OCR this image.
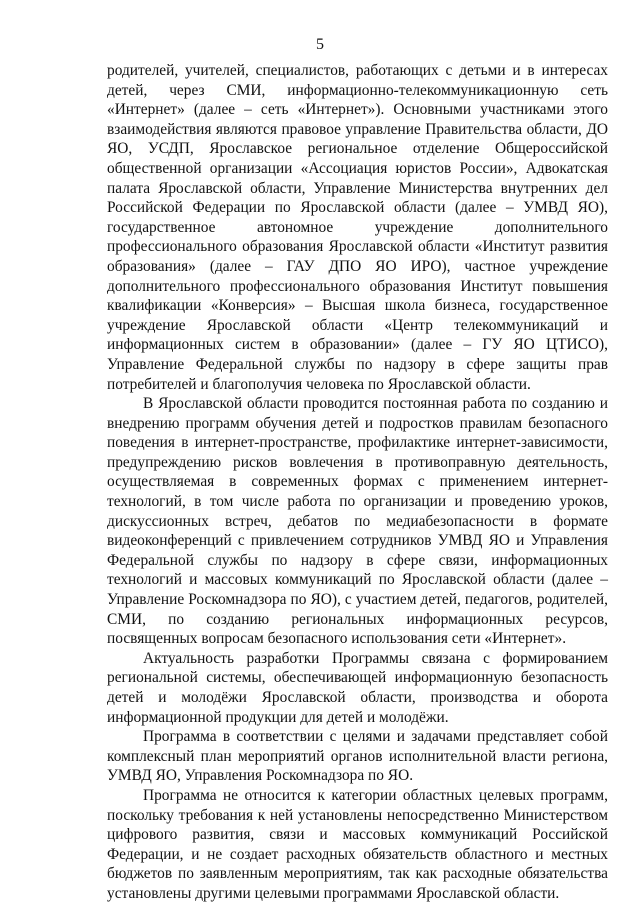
5

родителей, учителей, специалистов, работающих с детьми и в интересах детей, через СМИ, информационно-телекоммуникационную сеть «Интернет» (далее – сеть «Интернет»). Основными участниками этого взаимодействия являются правовое управление Правительства области, ДО ЯО, УСДП, Ярославское региональное отделение Общероссийской общественной организации «Ассоциация юристов России», Адвокатская палата Ярославской области, Управление Министерства внутренних дел Российской Федерации по Ярославской области (далее – УМВД ЯО), государственное автономное учреждение дополнительного профессионального образования Ярославской области «Институт развития образования» (далее – ГАУ ДПО ЯО ИРО), частное учреждение дополнительного профессионального образования Институт повышения квалификации «Конверсия» – Высшая школа бизнеса, государственное учреждение Ярославской области «Центр телекоммуникаций и информационных систем в образовании» (далее – ГУ ЯО ЦТИСО), Управление Федеральной службы по надзору в сфере защиты прав потребителей и благополучия человека по Ярославской области.

В Ярославской области проводится постоянная работа по созданию и внедрению программ обучения детей и подростков правилам безопасного поведения в интернет-пространстве, профилактике интернет-зависимости, предупреждению рисков вовлечения в противоправную деятельность, осуществляемая в современных формах с применением интернет-технологий, в том числе работа по организации и проведению уроков, дискуссионных встреч, дебатов по медиабезопасности в формате видеоконференций с привлечением сотрудников УМВД ЯО и Управления Федеральной службы по надзору в сфере связи, информационных технологий и массовых коммуникаций по Ярославской области (далее – Управление Роскомнадзора по ЯО), с участием детей, педагогов, родителей, СМИ, по созданию региональных информационных ресурсов, посвященных вопросам безопасного использования сети «Интернет».

Актуальность разработки Программы связана с формированием региональной системы, обеспечивающей информационную безопасность детей и молодёжи Ярославской области, производства и оборота информационной продукции для детей и молодёжи.

Программа в соответствии с целями и задачами представляет собой комплексный план мероприятий органов исполнительной власти региона, УМВД ЯО, Управления Роскомнадзора по ЯО.

Программа не относится к категории областных целевых программ, поскольку требования к ней установлены непосредственно Министерством цифрового развития, связи и массовых коммуникаций Российской Федерации, и не создает расходных обязательств областного и местных бюджетов по заявленным мероприятиям, так как расходные обязательства установлены другими целевыми программами Ярославской области.
